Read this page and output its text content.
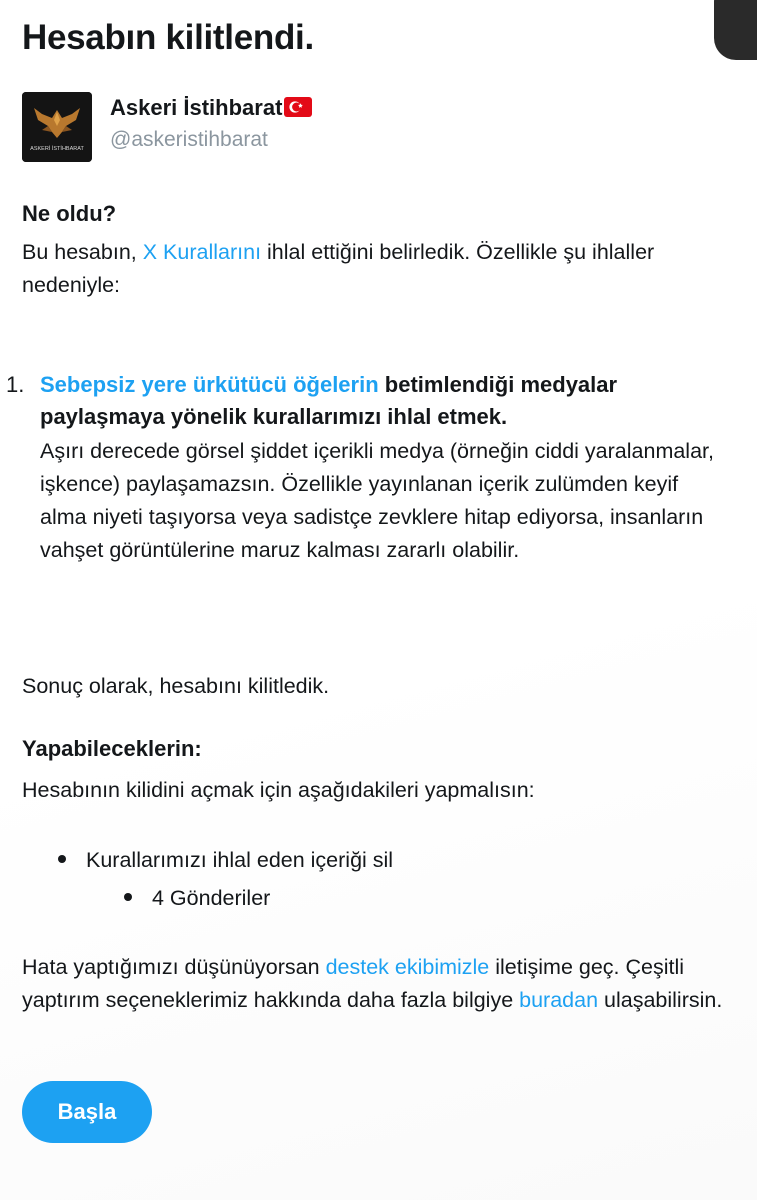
Hesabın kilitlendi.
ASKERİ İSTİHBARAT
Askeri İstihbarat
@askeristihbarat
Ne oldu?

Bu hesabın, X Kurallarını ihlal ettiğini belirledik. Özellikle şu ihlaller nedeniyle:

1. Sebepsiz yere ürkütücü öğelerin betimlendiği medyalar paylaşmaya yönelik kurallarımızı ihlal etmek.
Aşırı derecede görsel şiddet içerikli medya (örneğin ciddi yaralanmalar, işkence) paylaşamazsın. Özellikle yayınlanan içerik zulümden keyif alma niyeti taşıyorsa veya sadistçe zevklere hitap ediyorsa, insanların vahşet görüntülerine maruz kalması zararlı olabilir.

Sonuç olarak, hesabını kilitledik.

Yapabileceklerin:

Hesabının kilidini açmak için aşağıdakileri yapmalısın:

Kurallarımızı ihlal eden içeriği sil
4 Gönderiler

Hata yaptığımızı düşünüyorsan destek ekibimizle iletişime geç. Çeşitli yaptırım seçeneklerimiz hakkında daha fazla bilgiye buradan ulaşabilirsin.

Başla
